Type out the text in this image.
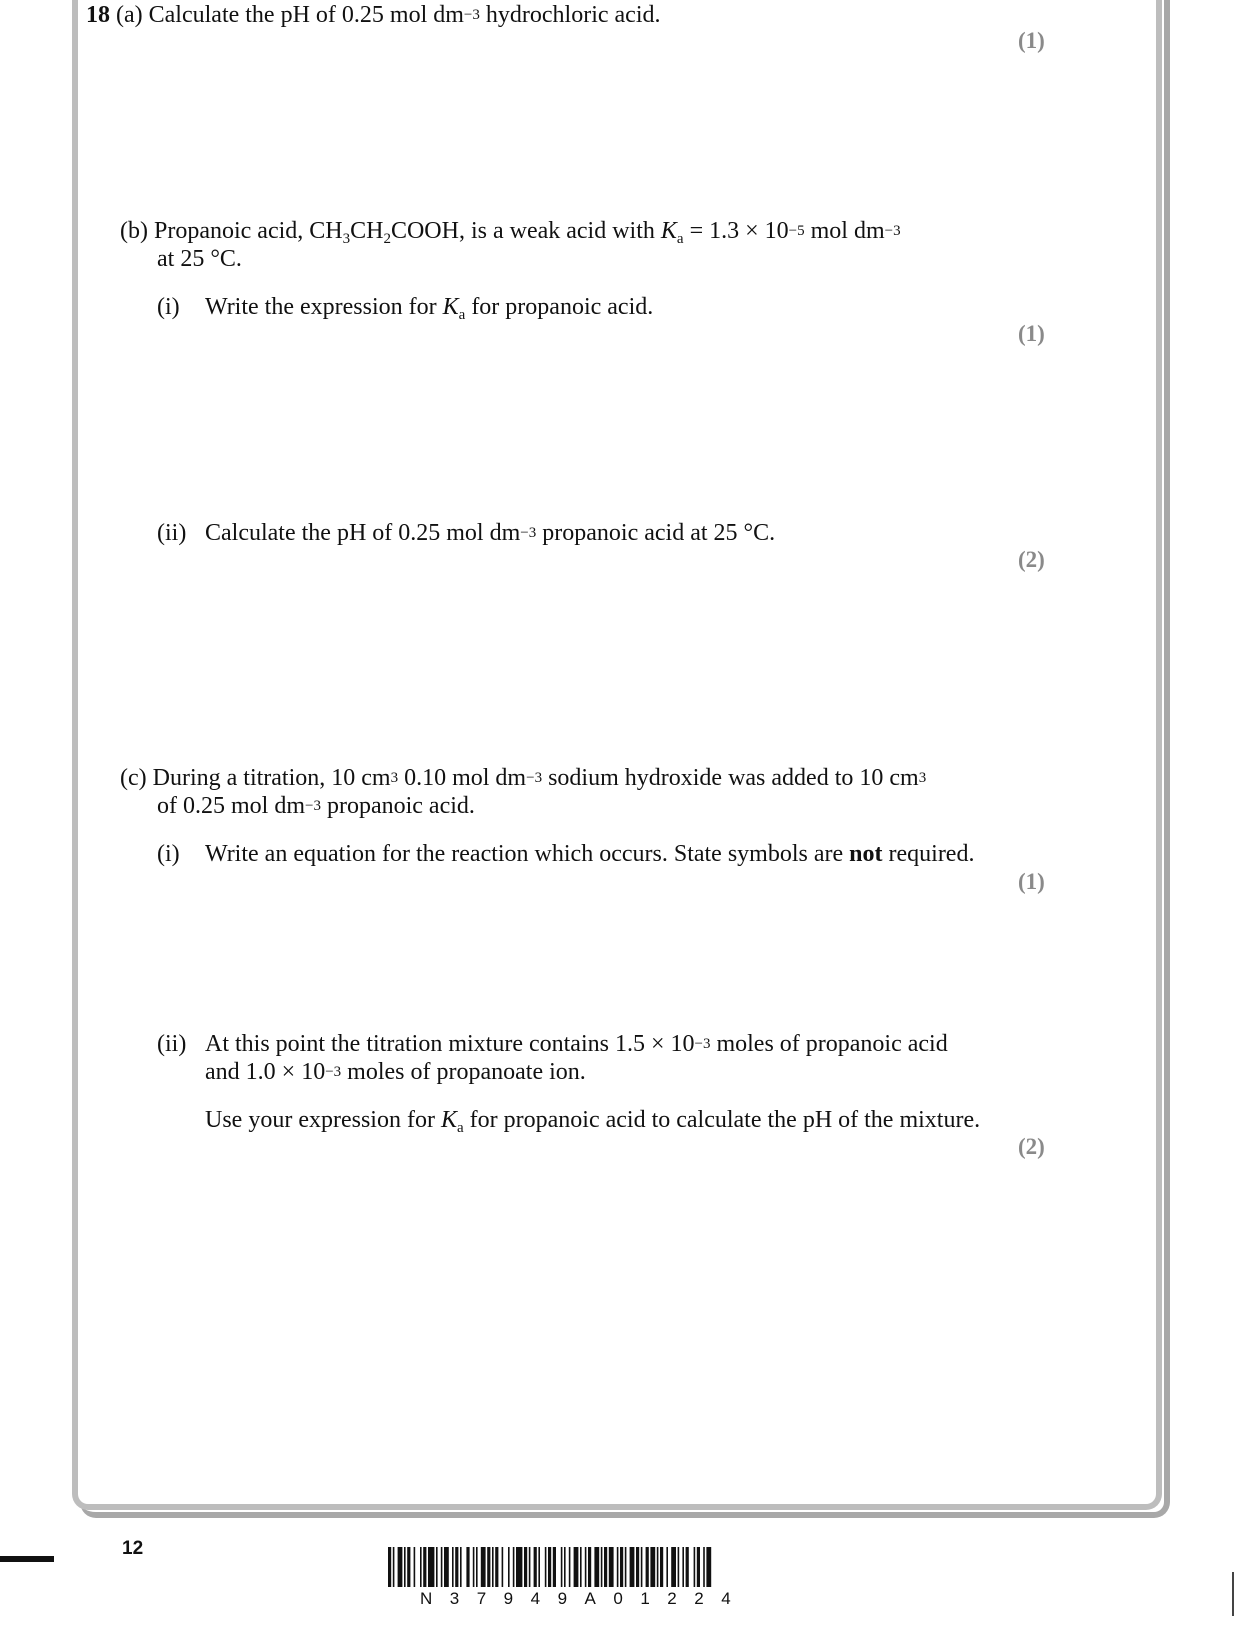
18 (a) Calculate the pH of 0.25 mol $dm^{-3}$ hydrochloric acid.
(1)
(b) Propanoic acid, $CH_3CH_2COOH$, is a weak acid with $K_a = 1.3 \times 10^{-5}$ mol $dm^{-3}$
at 25 °C.
(i) Write the expression for $K_a$ for propanoic acid.
(1)
(ii) Calculate the pH of 0.25 mol $dm^{-3}$ propanoic acid at 25 °C.
(2)
(c) During a titration, 10 $cm^3$ 0.10 mol $dm^{-3}$ sodium hydroxide was added to 10 $cm^3$
of 0.25 mol $dm^{-3}$ propanoic acid.
(i) Write an equation for the reaction which occurs. State symbols are not required.
(1)
(ii) At this point the titration mixture contains $1.5 \times 10^{-3}$ moles of propanoic acid
and $1.0 \times 10^{-3}$ moles of propanoate ion.
Use your expression for $K_a$ for propanoic acid to calculate the pH of the mixture.
(2)
12
N37949A01224
